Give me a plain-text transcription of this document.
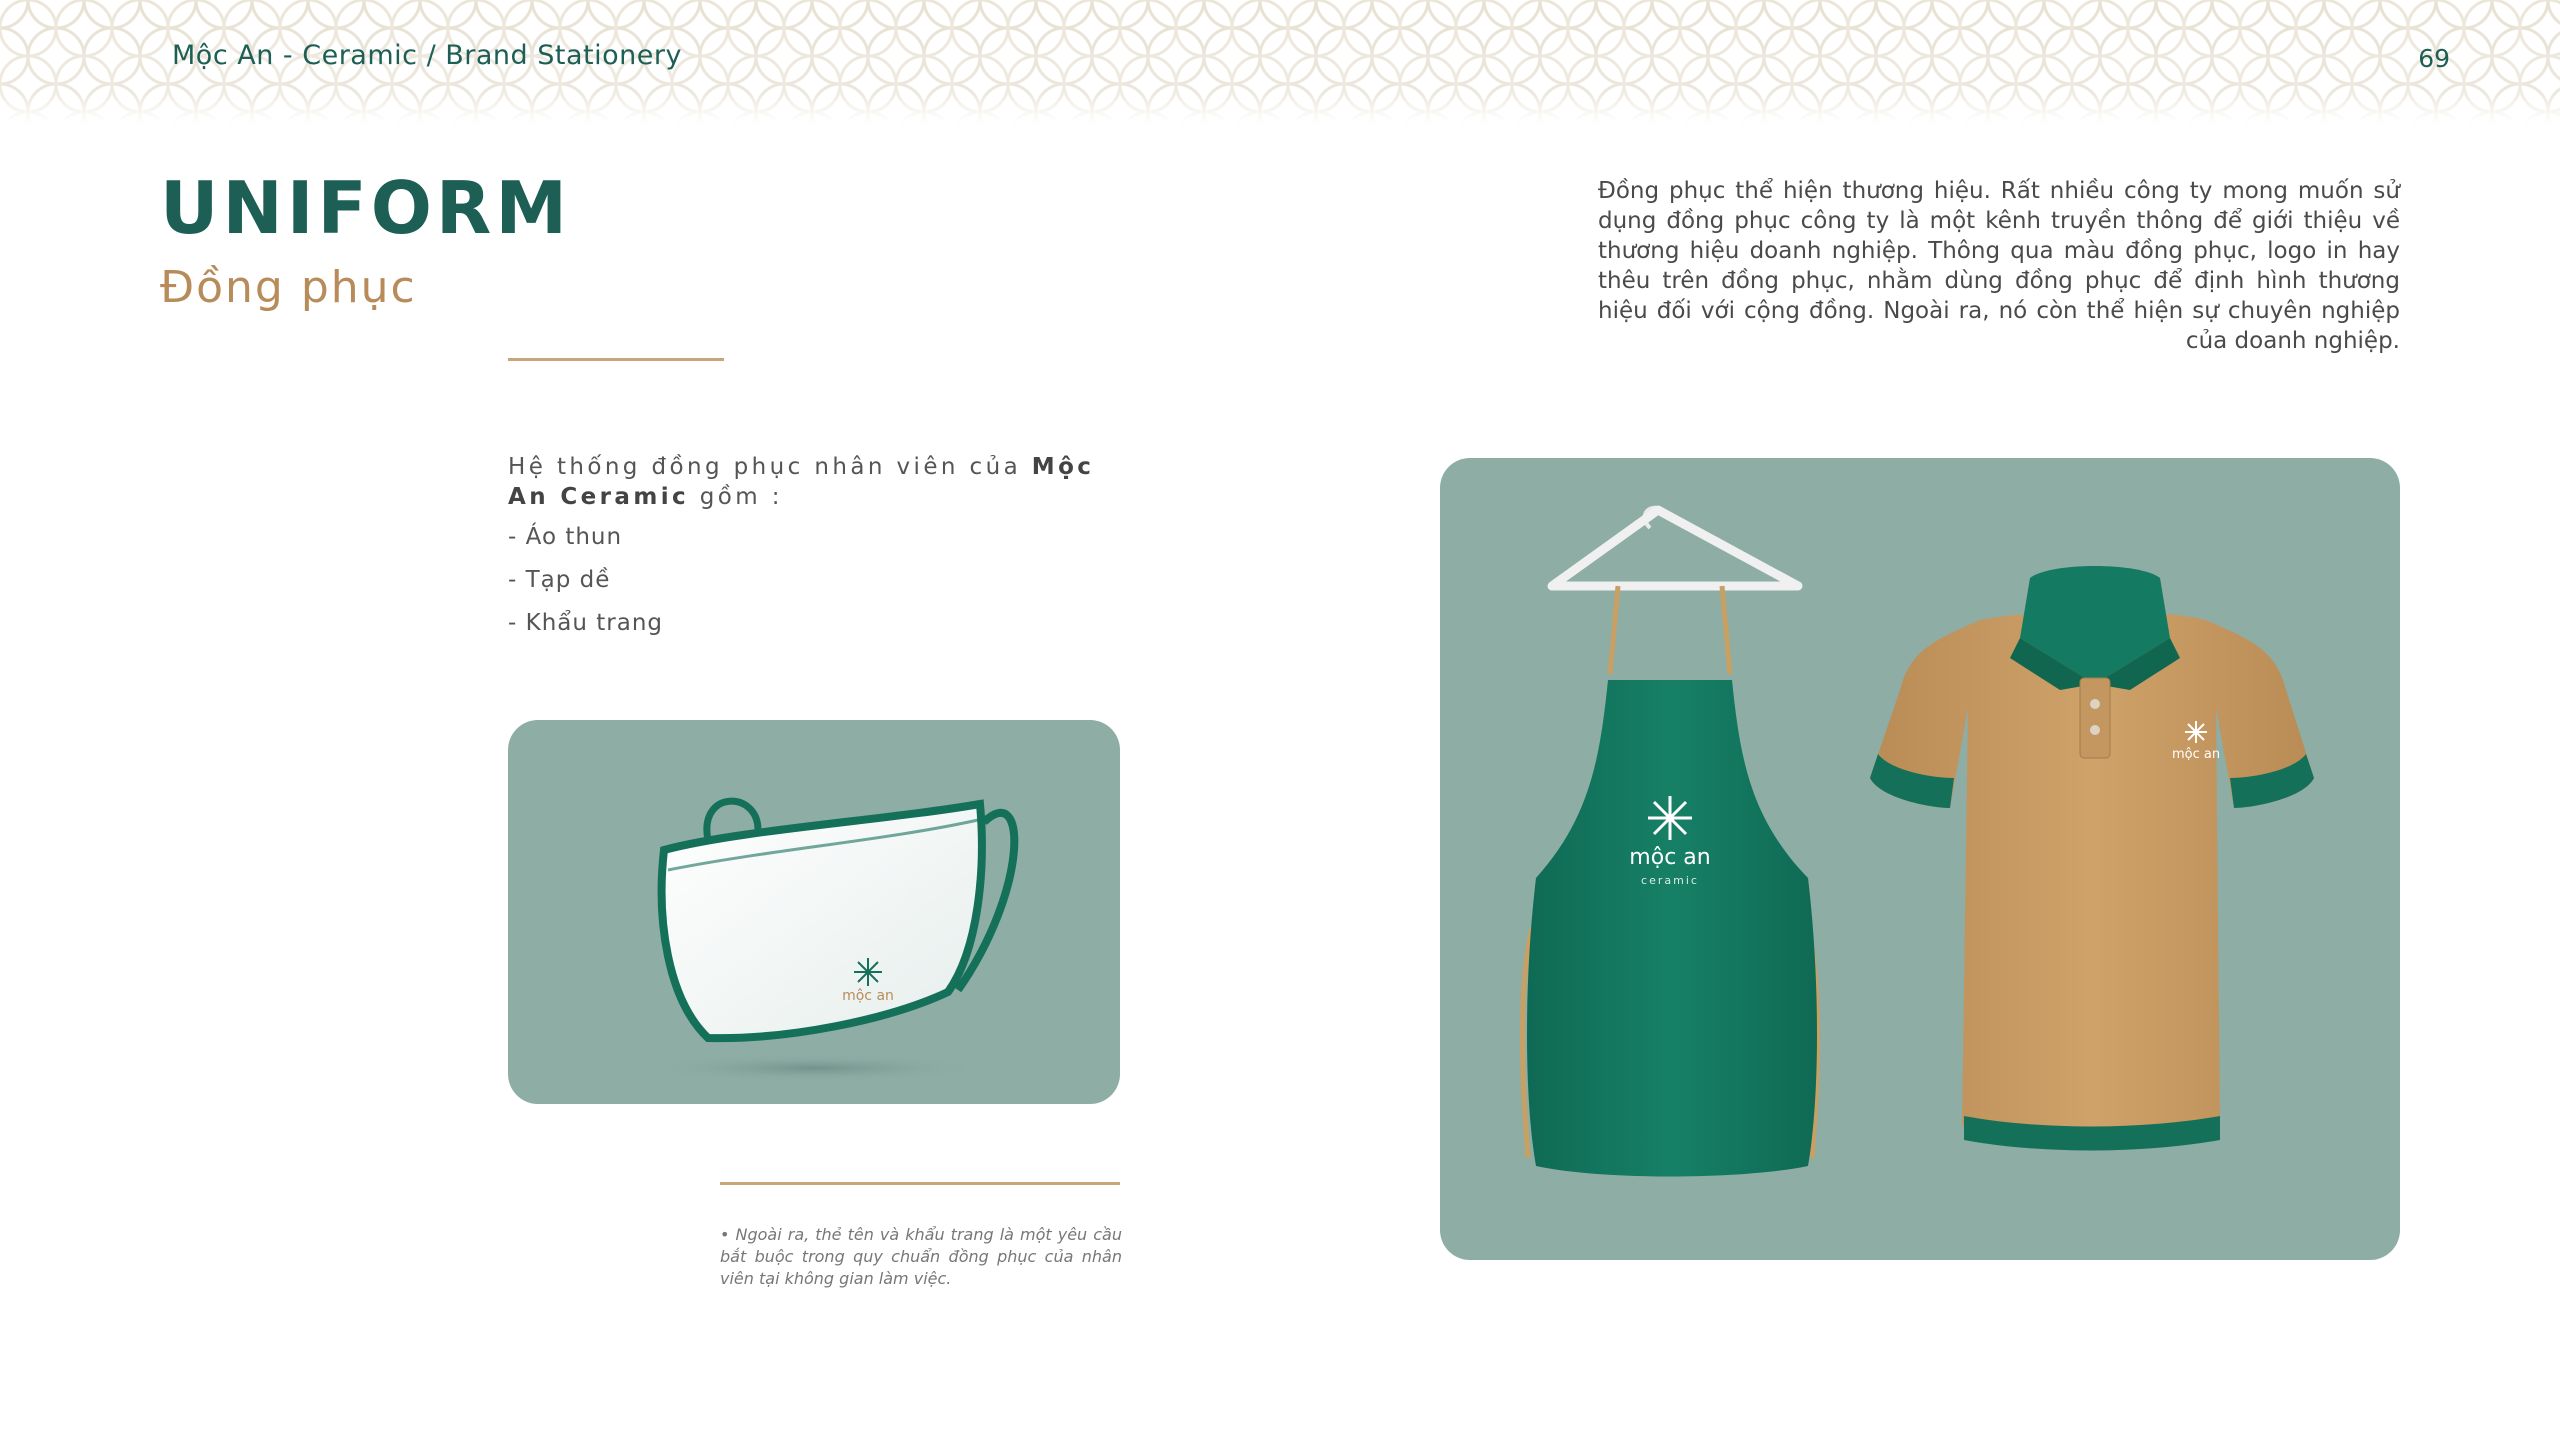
Mộc An - Ceramic / Brand Stationery	69
UNIFORM
Đồng phục
Đồng phục thể hiện thương hiệu. Rất nhiều công ty mong muốn sử dụng đồng phục công ty là một kênh truyền thông để giới thiệu về thương hiệu doanh nghiệp. Thông qua màu đồng phục, logo in hay thêu trên đồng phục, nhằm dùng đồng phục để định hình thương hiệu đối với cộng đồng. Ngoài ra, nó còn thể hiện sự chuyên nghiệp của doanh nghiệp.

Hệ thống đồng phục nhân viên của Mộc An Ceramic gồm :

- Áo thun

- Tạp dề

- Khẩu trang

mộc an
• Ngoài ra, thẻ tên và khẩu trang là một yêu cầu bắt buộc trong quy chuẩn đồng phục của nhân viên tại không gian làm việc.
mộc an
ceramic
mộc an
